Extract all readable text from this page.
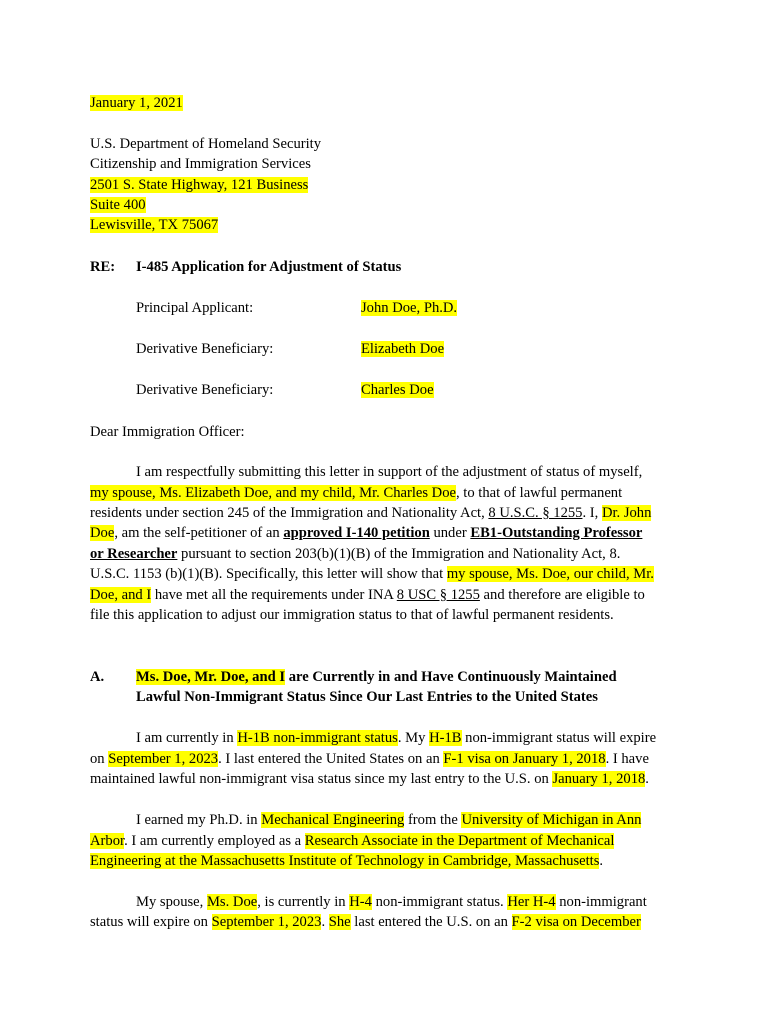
January 1, 2021
U.S. Department of Homeland Security
Citizenship and Immigration Services
2501 S. State Highway, 121 Business
Suite 400
Lewisville, TX 75067
RE: I-485 Application for Adjustment of Status
Principal Applicant:	John Doe, Ph.D.
Derivative Beneficiary:	Elizabeth Doe
Derivative Beneficiary:	Charles Doe
Dear Immigration Officer:
I am respectfully submitting this letter in support of the adjustment of status of myself,
my spouse, Ms. Elizabeth Doe, and my child, Mr. Charles Doe, to that of lawful permanent
residents under section 245 of the Immigration and Nationality Act, 8 U.S.C. § 1255. I, Dr. John
Doe, am the self-petitioner of an approved I-140 petition under EB1-Outstanding Professor
or Researcher pursuant to section 203(b)(1)(B) of the Immigration and Nationality Act, 8.
U.S.C. 1153 (b)(1)(B). Specifically, this letter will show that my spouse, Ms. Doe, our child, Mr.
Doe, and I have met all the requirements under INA 8 USC § 1255 and therefore are eligible to
file this application to adjust our immigration status to that of lawful permanent residents.
A. Ms. Doe, Mr. Doe, and I are Currently in and Have Continuously Maintained
Lawful Non-Immigrant Status Since Our Last Entries to the United States
I am currently in H-1B non-immigrant status. My H-1B non-immigrant status will expire
on September 1, 2023. I last entered the United States on an F-1 visa on January 1, 2018. I have
maintained lawful non-immigrant visa status since my last entry to the U.S. on January 1, 2018.
I earned my Ph.D. in Mechanical Engineering from the University of Michigan in Ann
Arbor. I am currently employed as a Research Associate in the Department of Mechanical
Engineering at the Massachusetts Institute of Technology in Cambridge, Massachusetts.
My spouse, Ms. Doe, is currently in H-4 non-immigrant status. Her H-4 non-immigrant
status will expire on September 1, 2023. She last entered the U.S. on an F-2 visa on December
